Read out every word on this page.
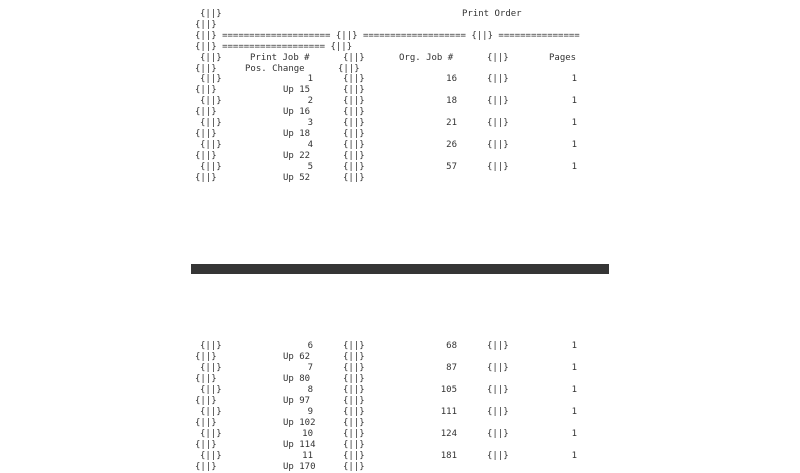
{||}	Print Order
{||}
{||} ==================== {||} =================== {||} ===============
{||} =================== {||}
{||}	Print Job #	{||}	Org. Job #	{||}	Pages
{||}	Pos. Change	{||}
{||}	1	{||}	16	{||}	1
{||}	Up 15	{||}
{||}	2	{||}	18	{||}	1
{||}	Up 16	{||}
{||}	3	{||}	21	{||}	1
{||}	Up 18	{||}
{||}	4	{||}	26	{||}	1
{||}	Up 22	{||}
{||}	5	{||}	57	{||}	1
{||}	Up 52	{||}
{||}	6	{||}	68	{||}	1
{||}	Up 62	{||}
{||}	7	{||}	87	{||}	1
{||}	Up 80	{||}
{||}	8	{||}	105	{||}	1
{||}	Up 97	{||}
{||}	9	{||}	111	{||}	1
{||}	Up 102	{||}
{||}	10	{||}	124	{||}	1
{||}	Up 114	{||}
{||}	11	{||}	181	{||}	1
{||}	Up 170	{||}
